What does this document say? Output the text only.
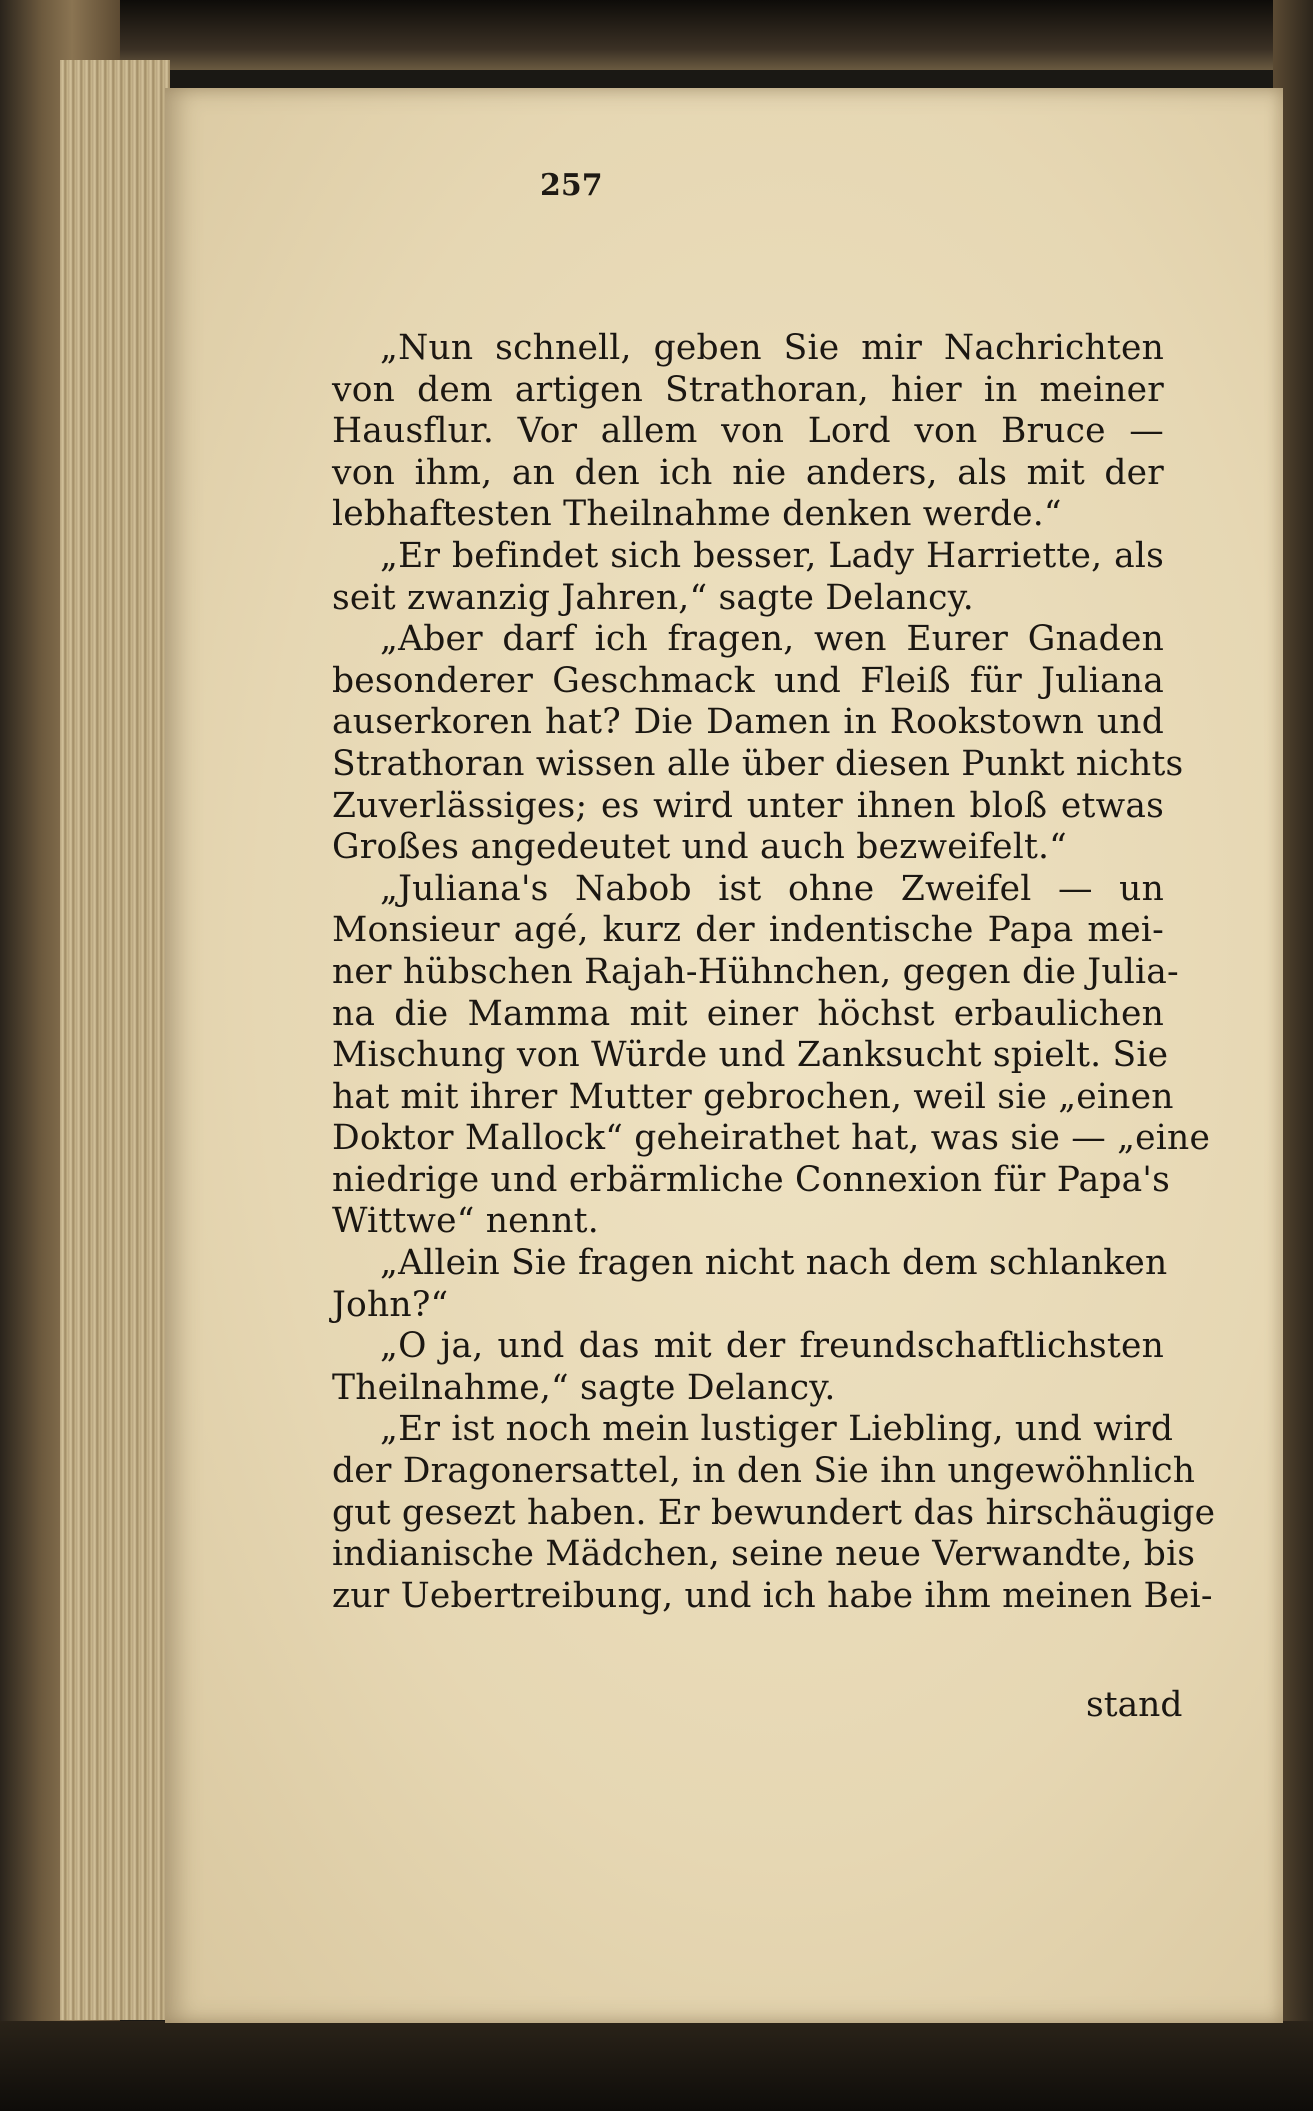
257
„Nun schnell, geben Sie mir Nachrichten
von dem artigen Strathoran, hier in meiner
Hausflur. Vor allem von Lord von Bruce —
von ihm, an den ich nie anders, als mit der
lebhaftesten Theilnahme denken werde.“
„Er befindet sich besser, Lady Harriette, als
seit zwanzig Jahren,“ sagte Delancy.
„Aber darf ich fragen, wen Eurer Gnaden
besonderer Geschmack und Fleiß für Juliana
auserkoren hat? Die Damen in Rookstown und
Strathoran wissen alle über diesen Punkt nichts
Zuverlässiges; es wird unter ihnen bloß etwas
Großes angedeutet und auch bezweifelt.“
„Juliana's Nabob ist ohne Zweifel — un
Monsieur agé, kurz der indentische Papa mei-
ner hübschen Rajah-Hühnchen, gegen die Julia-
na die Mamma mit einer höchst erbaulichen
Mischung von Würde und Zanksucht spielt. Sie
hat mit ihrer Mutter gebrochen, weil sie „einen
Doktor Mallock“ geheirathet hat, was sie — „eine
niedrige und erbärmliche Connexion für Papa's
Wittwe“ nennt.
„Allein Sie fragen nicht nach dem schlanken
John?“
„O ja, und das mit der freundschaftlichsten
Theilnahme,“ sagte Delancy.
„Er ist noch mein lustiger Liebling, und wird
der Dragonersattel, in den Sie ihn ungewöhnlich
gut gesezt haben. Er bewundert das hirschäugige
indianische Mädchen, seine neue Verwandte, bis
zur Uebertreibung, und ich habe ihm meinen Bei-
stand
